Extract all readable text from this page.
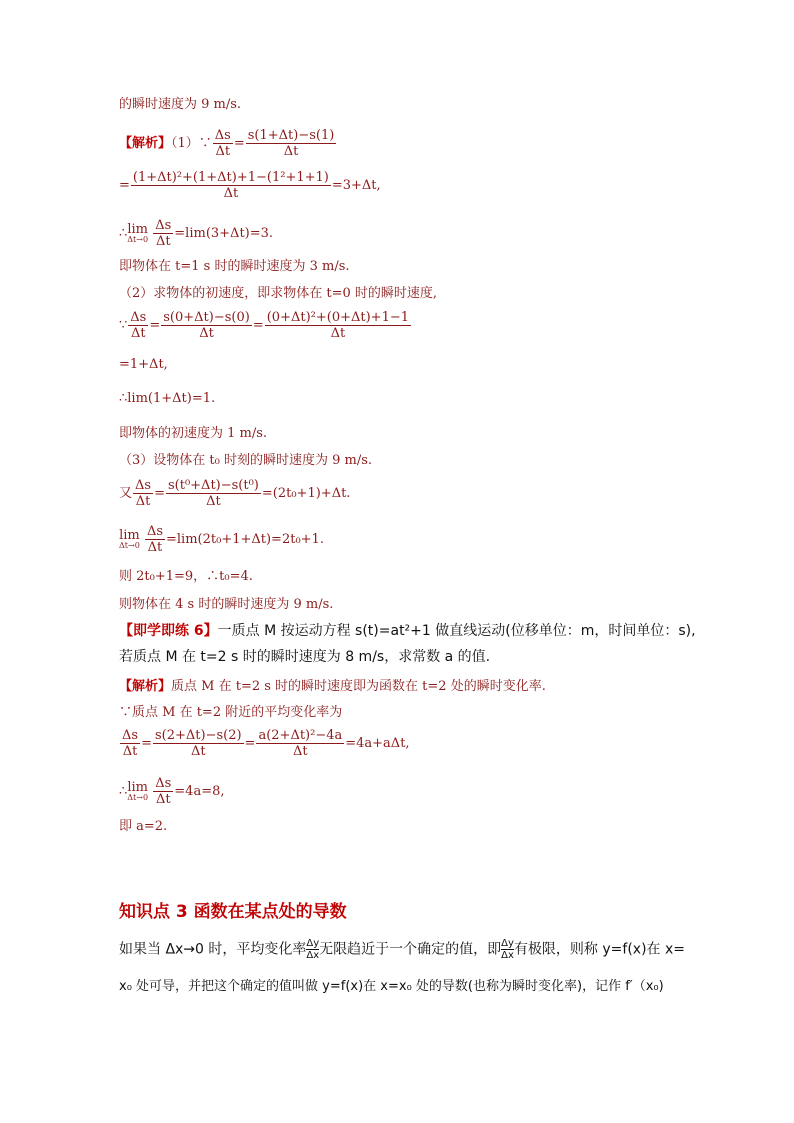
的瞬时速度为 9 m/s.
【解析】（1）∵ $\frac{\Delta s}{\Delta t} = \frac{s(1+\Delta t)-s(1)}{\Delta t}$
= $\frac{\text{(1+Δt)²+(1+Δt)+1−(1²+1+1)}}{\Delta t} =3+\Delta t$,
∴lim
Δt→0
$\frac{\Delta s}{\Delta t} =\lim(3+\Delta t)=3$.
即物体在 t=1 s 时的瞬时速度为 3 m/s.
（2）求物体的初速度，即求物体在 t=0 时的瞬时速度,
∵ $\frac{\Delta s}{\Delta t} = \frac{s(0+\Delta t)-s(0)}{\Delta t} = \frac{\text{(0+Δt)²+(0+Δt)+1−1}}{\Delta t}$
=1+Δt,
∴lim(1+Δt)=1.
即物体的初速度为 1 m/s.
（3）设物体在 t₀ 时刻的瞬时速度为 9 m/s.
又 $\frac{\Delta s}{\Delta t} = \frac{\text{s(t⁰+Δt)−s(t⁰)}}{\Delta t} =(2t_0+1)+\Delta t$.
lim
Δt→0
$\frac{\Delta s}{\Delta t} =\lim(2t_0+1+\Delta t)=2t_0+1$.
则 2t₀+1=9，∴t₀=4.
则物体在 4 s 时的瞬时速度为 9 m/s.
【即学即练 6】一质点 M 按运动方程 s(t)=at²+1 做直线运动(位移单位：m，时间单位：s),
若质点 M 在 t=2 s 时的瞬时速度为 8 m/s，求常数 a 的值.
【解析】质点 M 在 t=2 s 时的瞬时速度即为函数在 t=2 处的瞬时变化率.
∵质点 M 在 t=2 附近的平均变化率为
$\frac{\Delta s}{\Delta t} = \frac{s(2+\Delta t)-s(2)}{\Delta t} = \frac{\text{a(2+Δt)²−4a}}{\Delta t} =4a+a\Delta t$,
∴lim
Δt→0
$\frac{\Delta s}{\Delta t} =4a=8$,
即 a=2.
知识点 3 函数在某点处的导数
如果当 Δx→0 时，平均变化率 $\frac{\Delta y}{\Delta x}$ 无限趋近于一个确定的值，即 $\frac{\Delta y}{\Delta x}$ 有极限，则称 y=f(x)在 x=
x₀ 处可导，并把这个确定的值叫做 y=f(x)在 x=x₀ 处的导数(也称为瞬时变化率)，记作 f′（x₀)
